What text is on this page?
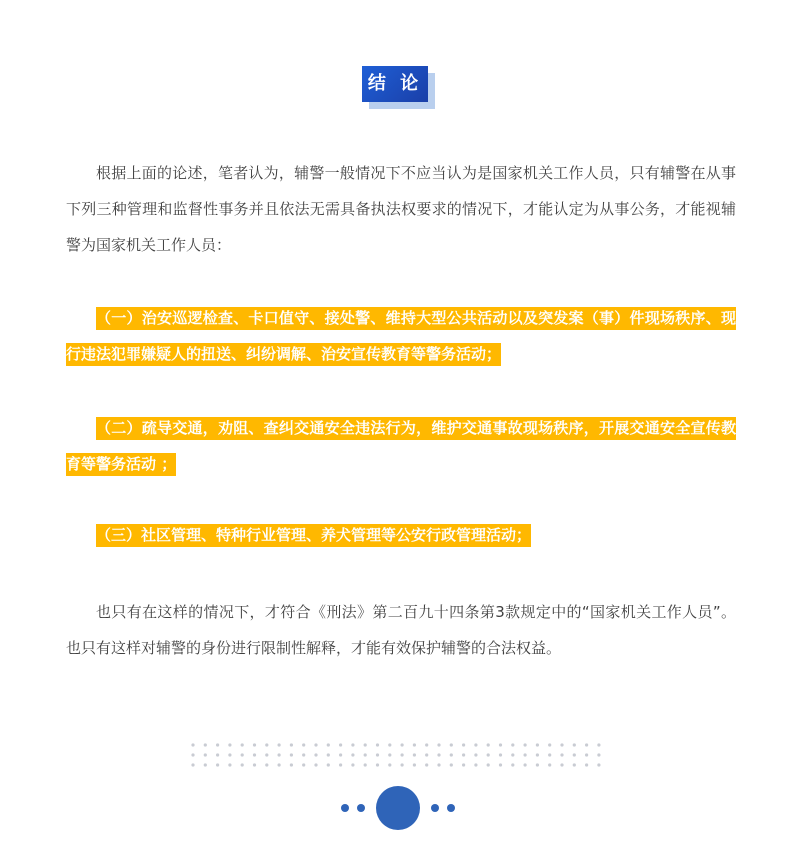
结 论

根据上面的论述，笔者认为，辅警一般情况下不应当认为是国家机关工作人员，只有辅警在从事下列三种管理和监督性事务并且依法无需具备执法权要求的情况下，才能认定为从事公务，才能视辅警为国家机关工作人员：

（一）治安巡逻检查、卡口值守、接处警、维持大型公共活动以及突发案（事）件现场秩序、现行违法犯罪嫌疑人的扭送、纠纷调解、治安宣传教育等警务活动；

（二）疏导交通，劝阻、查纠交通安全违法行为，维护交通事故现场秩序，开展交通安全宣传教育等警务活动 ；

（三）社区管理、特种行业管理、养犬管理等公安行政管理活动；

也只有在这样的情况下，才符合《刑法》第二百九十四条第3款规定中的“国家机关工作人员”。也只有这样对辅警的身份进行限制性解释，才能有效保护辅警的合法权益。
